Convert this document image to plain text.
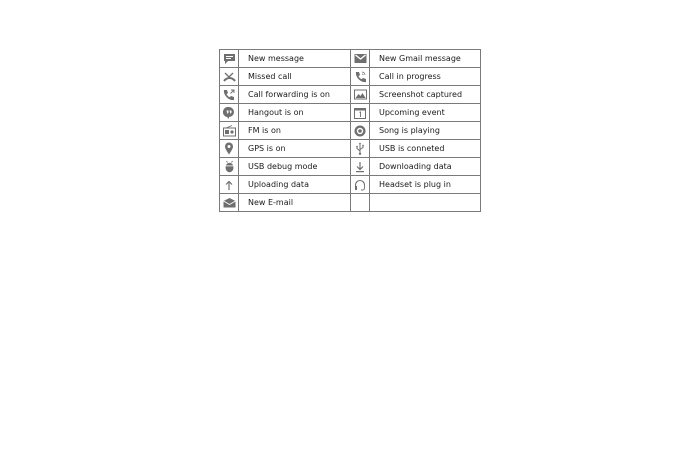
	New message		New Gmail message

	Missed call		Call in progress

	Call forwarding is on		Screenshot captured

	Hangout is on		Upcoming event

	FM is on		Song is playing

	GPS is on		USB is conneted

	USB debug mode		Downloading data

	Uploading data		Headset is plug in

	New E-mail		
